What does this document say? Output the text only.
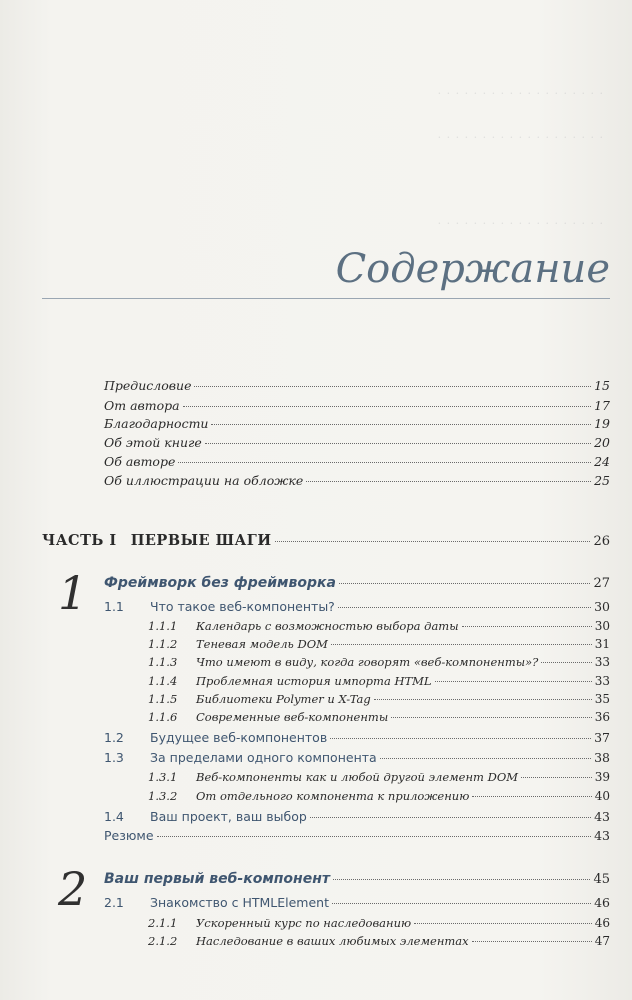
. . . . . . . . . . . . . . . . . . .
. . . . . . . . . . . . . . . . . . .
. . . . . . . . . . . . . . . . . . .
Содержание
Предисловие	15
От автора	17
Благодарности	19
Об этой книге	20
Об авторе	24
Об иллюстрации на обложке	25
ЧАСТЬ I ПЕРВЫЕ ШАГИ	26
1 Фреймворк без фреймворка	27
1.1	Что такое веб-компоненты?	30
1.1.1	Календарь с возможностью выбора даты	30
1.1.2	Теневая модель DOM	31
1.1.3	Что имеют в виду, когда говорят «веб-компоненты»?	33
1.1.4	Проблемная история импорта HTML	33
1.1.5	Библиотеки Polymer и X-Tag	35
1.1.6	Современные веб-компоненты	36
1.2	Будущее веб-компонентов	37
1.3	За пределами одного компонента	38
1.3.1	Веб-компоненты как и любой другой элемент DOM	39
1.3.2	От отдельного компонента к приложению	40
1.4	Ваш проект, ваш выбор	43
Резюме	43
2 Ваш первый веб-компонент	45
2.1	Знакомство с HTMLElement	46
2.1.1	Ускоренный курс по наследованию	46
2.1.2	Наследование в ваших любимых элементах	47
